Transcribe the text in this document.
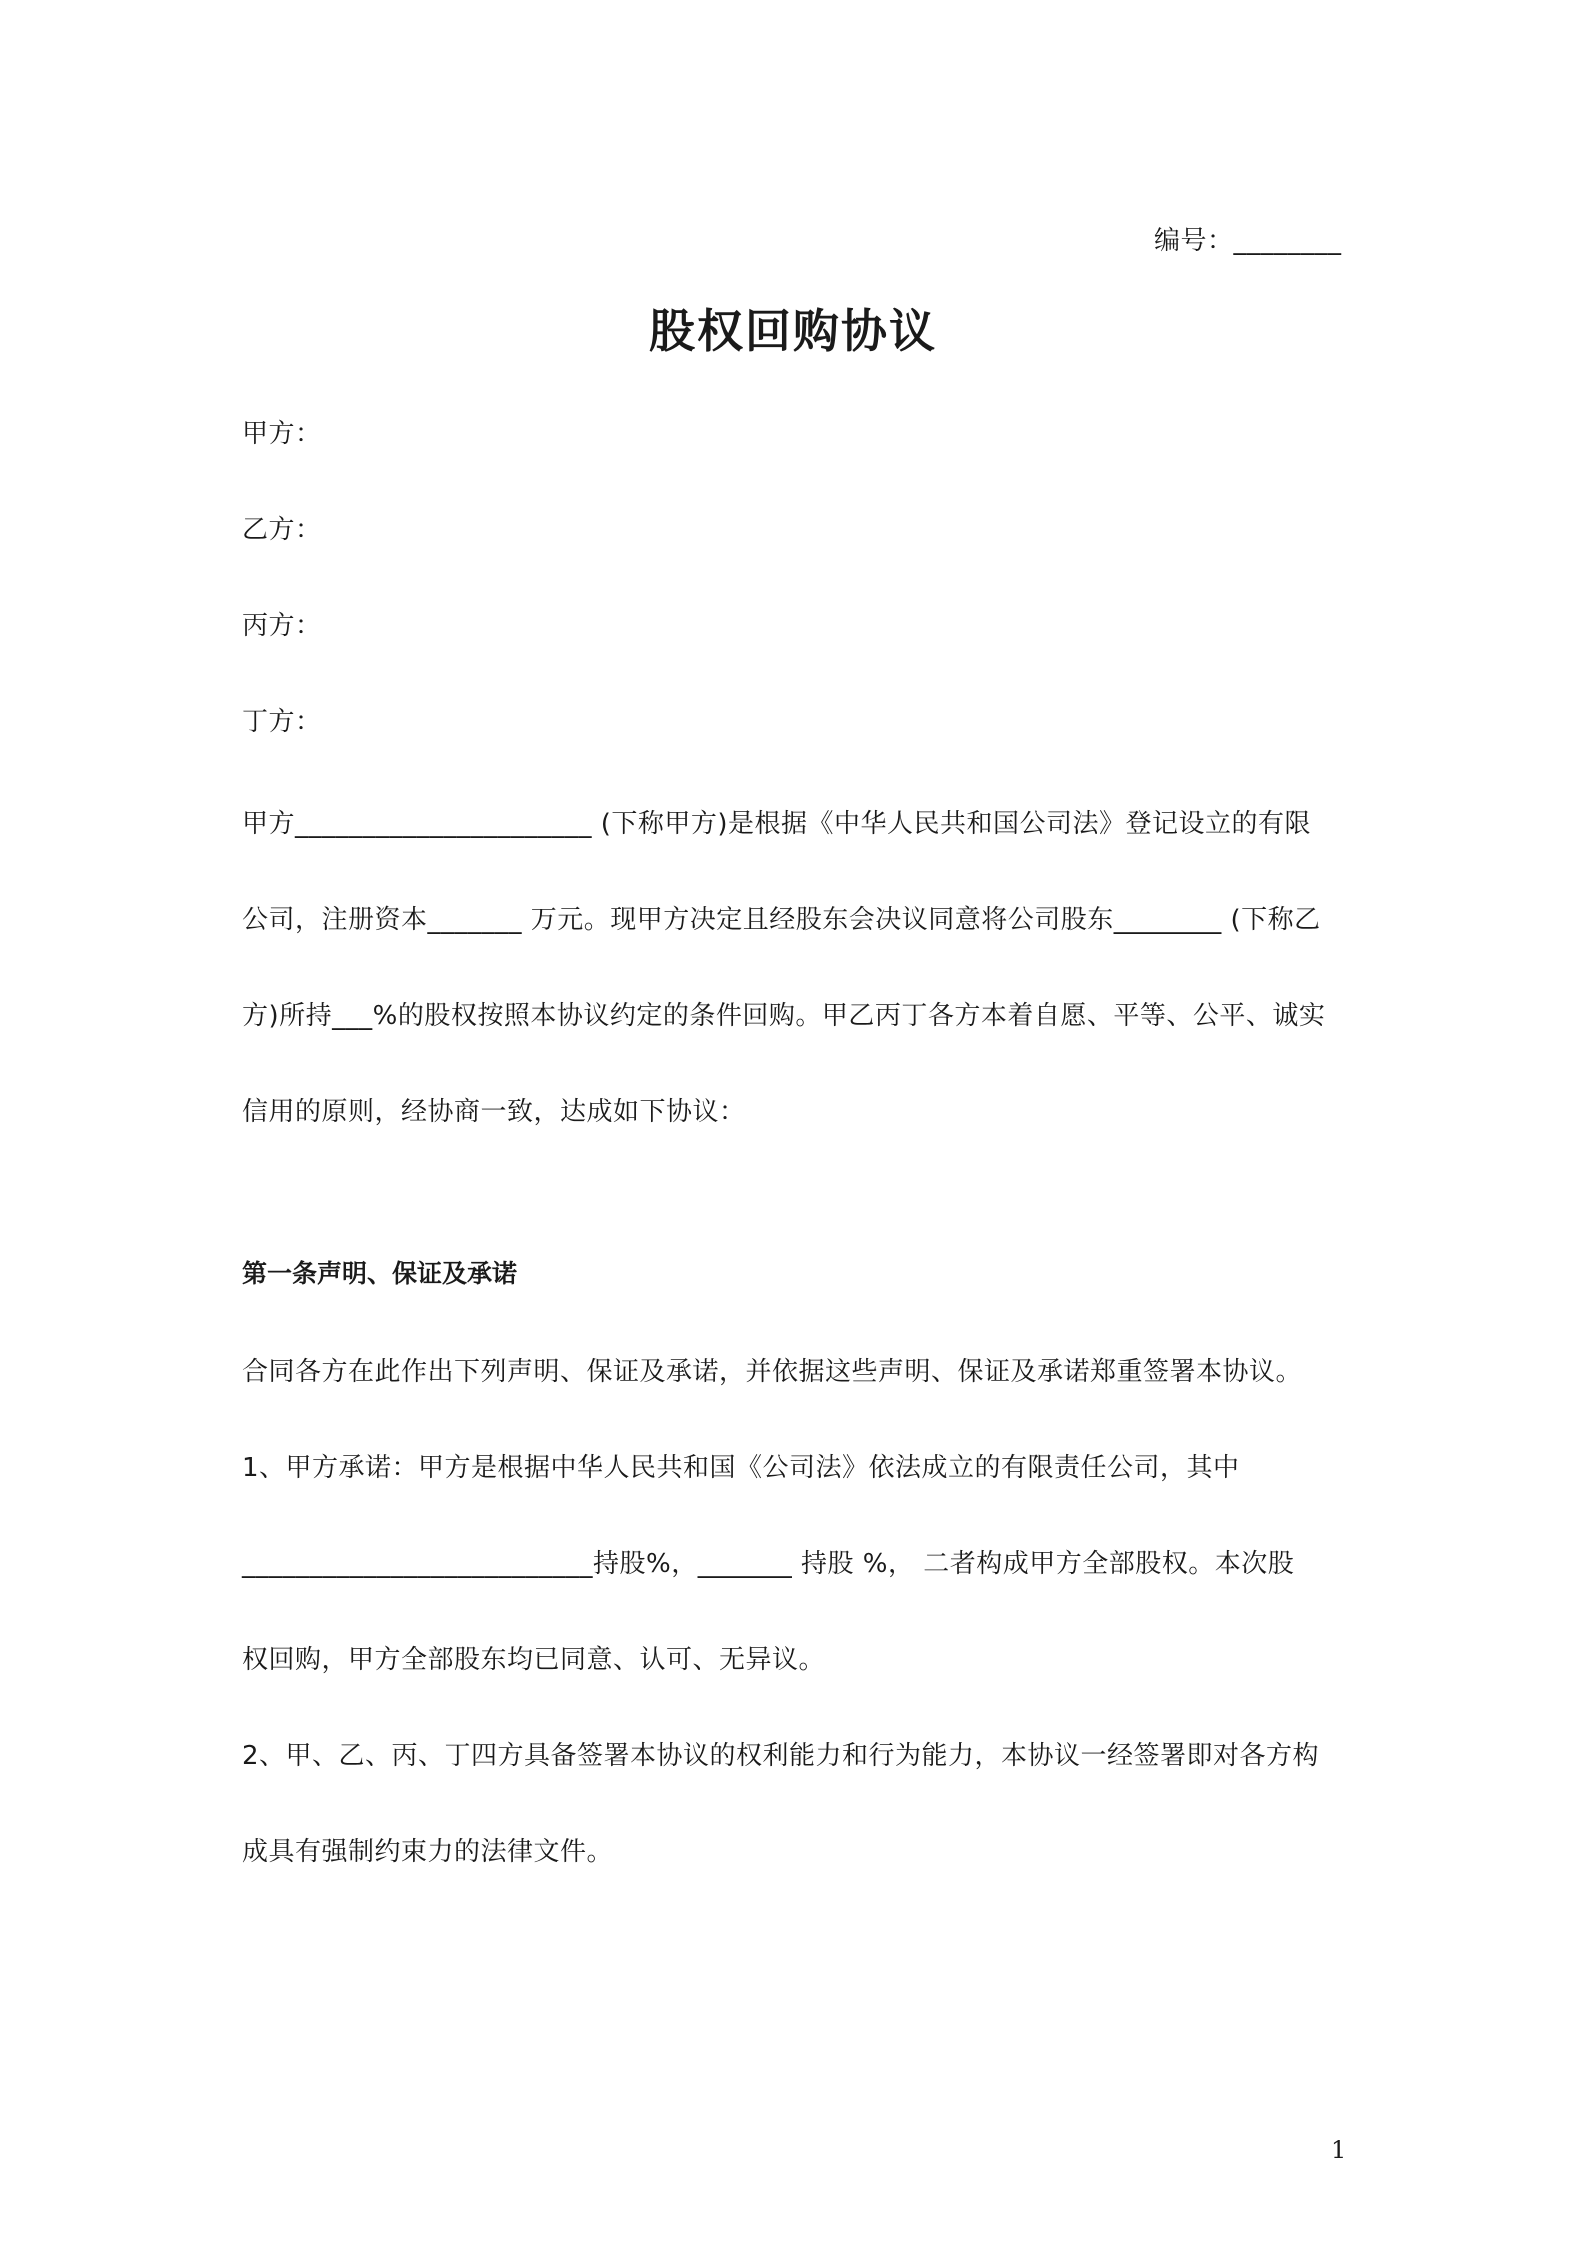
编号：________

股权回购协议

甲方：

乙方：

丙方：

丁方：

甲方______________________ (下称甲方)是根据《中华人民共和国公司法》登记设立的有限

公司，注册资本_______ 万元。现甲方决定且经股东会决议同意将公司股东________ (下称乙

方)所持___%的股权按照本协议约定的条件回购。甲乙丙丁各方本着自愿、平等、公平、诚实

信用的原则，经协商一致，达成如下协议：

第一条声明、保证及承诺

合同各方在此作出下列声明、保证及承诺，并依据这些声明、保证及承诺郑重签署本协议。

1、甲方承诺：甲方是根据中华人民共和国《公司法》依法成立的有限责任公司，其中

__________________________持股%，_______ 持股 %， 二者构成甲方全部股权。本次股

权回购，甲方全部股东均已同意、认可、无异议。

2、甲、乙、丙、丁四方具备签署本协议的权利能力和行为能力，本协议一经签署即对各方构

成具有强制约束力的法律文件。

1
